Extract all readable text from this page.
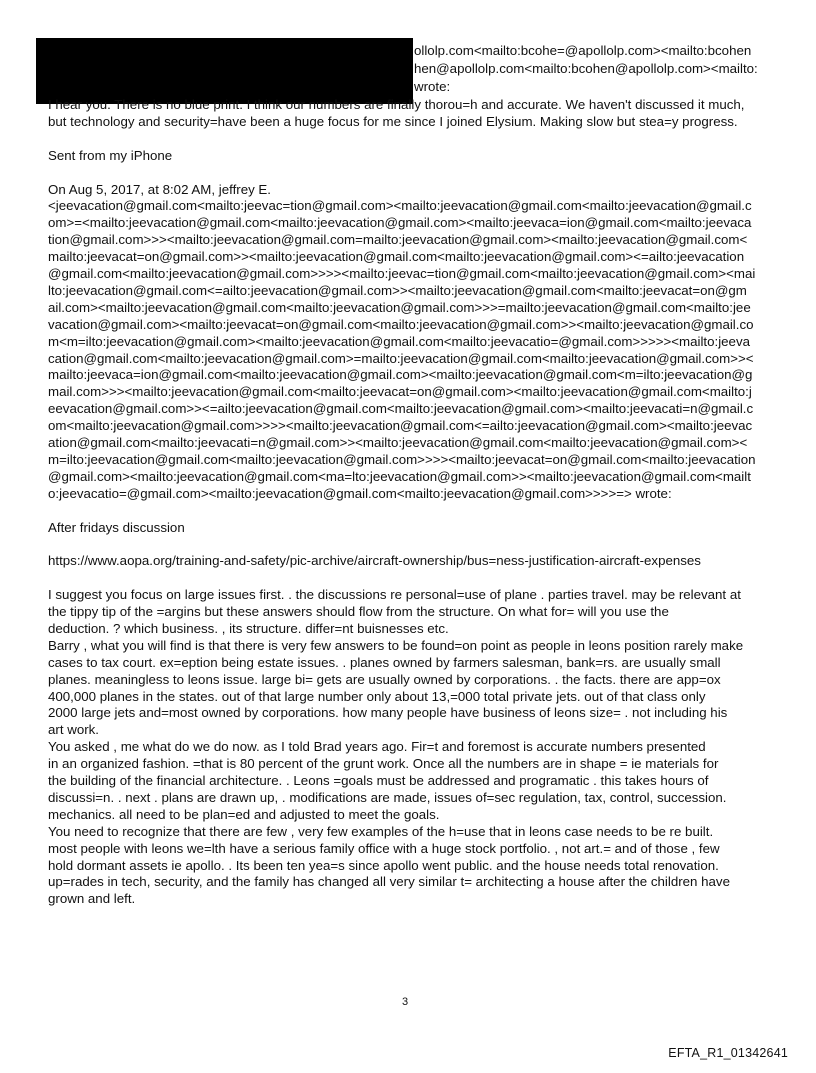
ollolp.com<mailto:bcohe=@apollolp.com><mailto:bcohen
hen@apollolp.com<mailto:bcohen@apollolp.com><mailto:
wrote:
I hear you. There is no blue print. I think our numbers are finally thorou=h and accurate. We haven't discussed it much,
but technology and security=have been a huge focus for me since I joined Elysium. Making slow but stea=y progress.
Sent from my iPhone
On Aug 5, 2017, at 8:02 AM, jeffrey E.
<jeevacation@gmail.com<mailto:jeevac=tion@gmail.com><mailto:jeevacation@gmail.com<mailto:jeevacation@gmail.c
om>=<mailto:jeevacation@gmail.com<mailto:jeevacation@gmail.com><mailto:jeevaca=ion@gmail.com<mailto:jeevaca
tion@gmail.com>>><mailto:jeevacation@gmail.com=mailto:jeevacation@gmail.com><mailto:jeevacation@gmail.com<
mailto:jeevacat=on@gmail.com>><mailto:jeevacation@gmail.com<mailto:jeevacation@gmail.com><=ailto:jeevacation
@gmail.com<mailto:jeevacation@gmail.com>>>><mailto:jeevac=tion@gmail.com<mailto:jeevacation@gmail.com><mai
lto:jeevacation@gmail.com<=ailto:jeevacation@gmail.com>><mailto:jeevacation@gmail.com<mailto:jeevacat=on@gm
ail.com><mailto:jeevacation@gmail.com<mailto:jeevacation@gmail.com>>>=mailto:jeevacation@gmail.com<mailto:jee
vacation@gmail.com><mailto:jeevacat=on@gmail.com<mailto:jeevacation@gmail.com>><mailto:jeevacation@gmail.co
m<m=ilto:jeevacation@gmail.com><mailto:jeevacation@gmail.com<mailto:jeevacatio=@gmail.com>>>>><mailto:jeeva
cation@gmail.com<mailto:jeevacation@gmail.com>=mailto:jeevacation@gmail.com<mailto:jeevacation@gmail.com>><
mailto:jeevaca=ion@gmail.com<mailto:jeevacation@gmail.com><mailto:jeevacation@gmail.com<m=ilto:jeevacation@g
mail.com>>><mailto:jeevacation@gmail.com<mailto:jeevacat=on@gmail.com><mailto:jeevacation@gmail.com<mailto:j
eevacation@gmail.com>><=ailto:jeevacation@gmail.com<mailto:jeevacation@gmail.com><mailto:jeevacati=n@gmail.c
om<mailto:jeevacation@gmail.com>>>><mailto:jeevacation@gmail.com<=ailto:jeevacation@gmail.com><mailto:jeevac
ation@gmail.com<mailto:jeevacati=n@gmail.com>><mailto:jeevacation@gmail.com<mailto:jeevacation@gmail.com><
m=ilto:jeevacation@gmail.com<mailto:jeevacation@gmail.com>>>><mailto:jeevacat=on@gmail.com<mailto:jeevacation
@gmail.com><mailto:jeevacation@gmail.com<ma=lto:jeevacation@gmail.com>><mailto:jeevacation@gmail.com<mailt
o:jeevacatio=@gmail.com><mailto:jeevacation@gmail.com<mailto:jeevacation@gmail.com>>>>=> wrote:
After fridays discussion
https://www.aopa.org/training-and-safety/pic-archive/aircraft-ownership/bus=ness-justification-aircraft-expenses
I suggest you focus on large issues first. . the discussions re personal=use of plane . parties travel. may be relevant at
the tippy tip of the =argins but these answers should flow from the structure. On what for= will you use the
deduction. ? which business. , its structure. differ=nt buisnesses etc.
Barry , what you will find is that there is very few answers to be found=on point as people in leons position rarely make
cases to tax court. ex=eption being estate issues. . planes owned by farmers salesman, bank=rs. are usually small
planes. meaningless to leons issue. large bi= gets are usually owned by corporations. . the facts. there are app=ox
400,000 planes in the states. out of that large number only about 13,=000 total private jets. out of that class only
2000 large jets and=most owned by corporations. how many people have business of leons size= . not including his
art work.
You asked , me what do we do now. as I told Brad years ago. Fir=t and foremost is accurate numbers presented
in an organized fashion. =that is 80 percent of the grunt work. Once all the numbers are in shape = ie materials for
the building of the financial architecture. . Leons =goals must be addressed and programatic . this takes hours of
discussi=n. . next . plans are drawn up, . modifications are made, issues of=sec regulation, tax, control, succession.
mechanics. all need to be plan=ed and adjusted to meet the goals.
You need to recognize that there are few , very few examples of the h=use that in leons case needs to be re built.
most people with leons we=lth have a serious family office with a huge stock portfolio. , not art.= and of those , few
hold dormant assets ie apollo. . Its been ten yea=s since apollo went public. and the house needs total renovation.
up=rades in tech, security, and the family has changed all very similar t= architecting a house after the children have
grown and left.
3
EFTA_R1_01342641
